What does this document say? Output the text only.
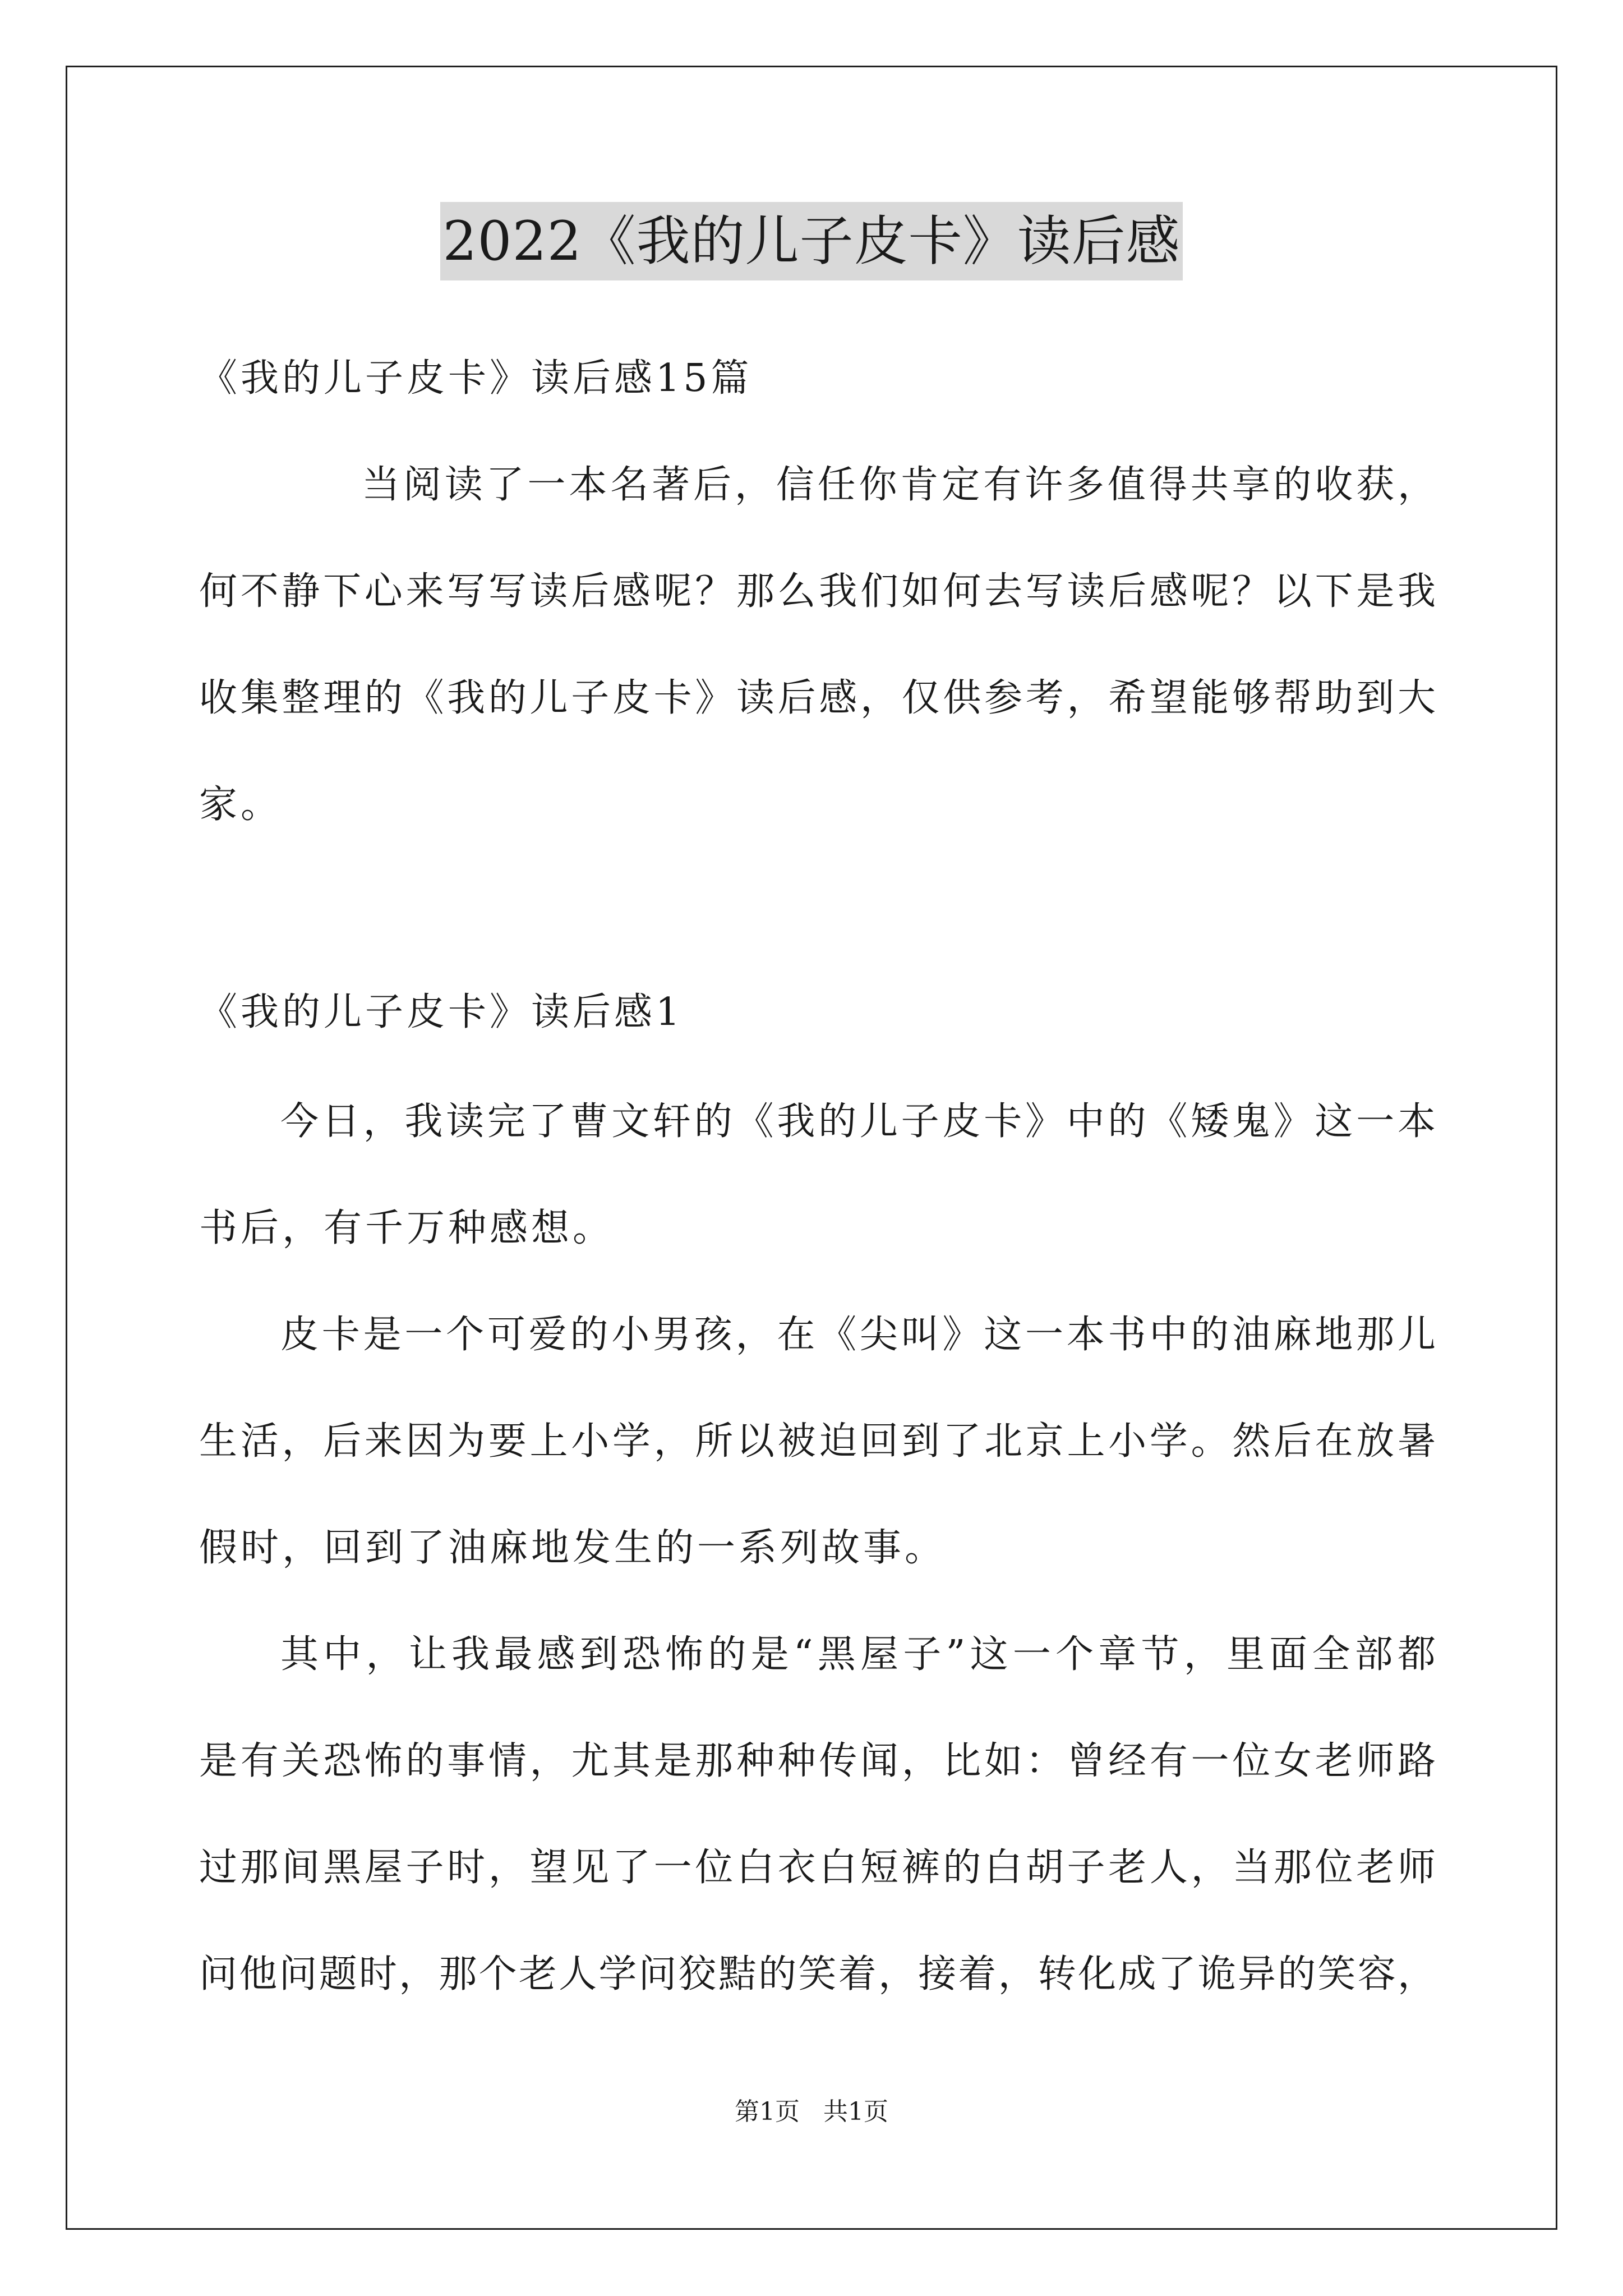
2022《我的儿子皮卡》读后感
《我的儿子皮卡》读后感15篇
当阅读了一本名著后，信任你肯定有许多值得共享的收获，
何不静下心来写写读后感呢？那么我们如何去写读后感呢？以下是我
收集整理的《我的儿子皮卡》读后感，仅供参考，希望能够帮助到大
家。
《我的儿子皮卡》读后感1
今日，我读完了曹文轩的《我的儿子皮卡》中的《矮鬼》这一本
书后，有千万种感想。
皮卡是一个可爱的小男孩，在《尖叫》这一本书中的油麻地那儿
生活，后来因为要上小学，所以被迫回到了北京上小学。然后在放暑
假时，回到了油麻地发生的一系列故事。
其中，让我最感到恐怖的是“黑屋子”这一个章节，里面全部都
是有关恐怖的事情，尤其是那种种传闻，比如：曾经有一位女老师路
过那间黑屋子时，望见了一位白衣白短裤的白胡子老人，当那位老师
问他问题时，那个老人学问狡黠的笑着，接着，转化成了诡异的笑容，
第1页   共1页
